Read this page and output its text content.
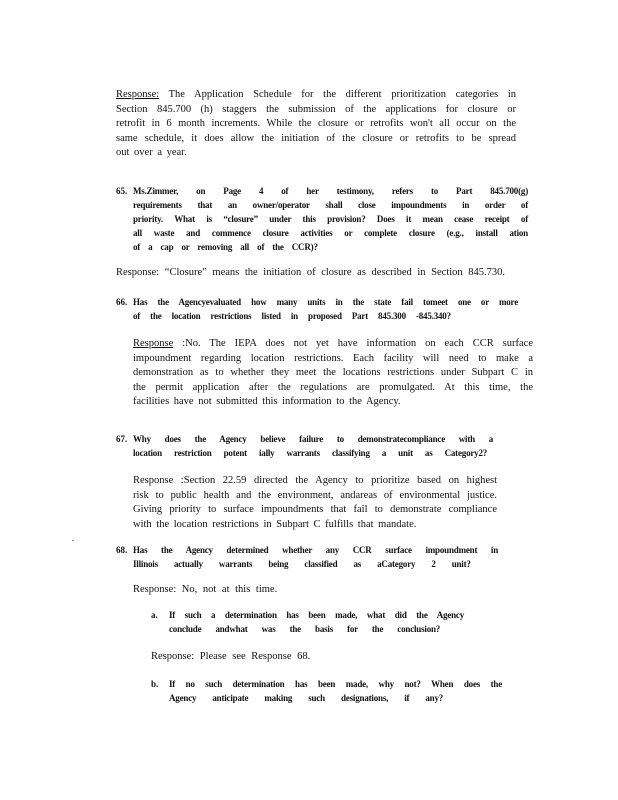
Response: The Application Schedule for the different prioritization categories in
Section 845.700 (h) staggers the submission of the applications for closure or
retrofit in 6 month increments. While the closure or retrofits won't all occur on the
same schedule, it does allow the initiation of the closure or retrofits to be spread
out over a year.
65. Ms.Zimmer, on Page 4 of her testimony, refers to Part 845.700(g)
requirements that an owner/operator shall close impoundments in order of
priority. What is “closure” under this provision? Does it mean cease receipt of
all waste and commence closure activities or complete closure (e.g., install ation
of a cap or removing all of the CCR)?
Response: “Closure” means the initiation of closure as described in Section 845.730.
66. Has the Agencyevaluated how many units in the state fail tomeet one or more
of the location restrictions listed in proposed Part 845.300 -845.340?
Response :No. The IEPA does not yet have information on each CCR surface
impoundment regarding location restrictions. Each facility will need to make a
demonstration as to whether they meet the locations restrictions under Subpart C in
the permit application after the regulations are promulgated. At this time, the
facilities have not submitted this information to the Agency.
67. Why does the Agency believe failure to demonstratecompliance with a
location restriction potent ially warrants classifying a unit as Category2?
Response :Section 22.59 directed the Agency to prioritize based on highest
risk to public health and the environment, andareas of environmental justice.
Giving priority to surface impoundments that fail to demonstrate compliance
with the location restrictions in Subpart C fulfills that mandate.
68. Has the Agency determined whether any CCR surface impoundment in
Illinois actually warrants being classified as aCategory 2 unit?
Response: No, not at this time.
a. If such a determination has been made, what did the Agency
conclude andwhat was the basis for the conclusion?
Response: Please see Response 68.
b. If no such determination has been made, why not? When does the
Agency anticipate making such designations, if any?
